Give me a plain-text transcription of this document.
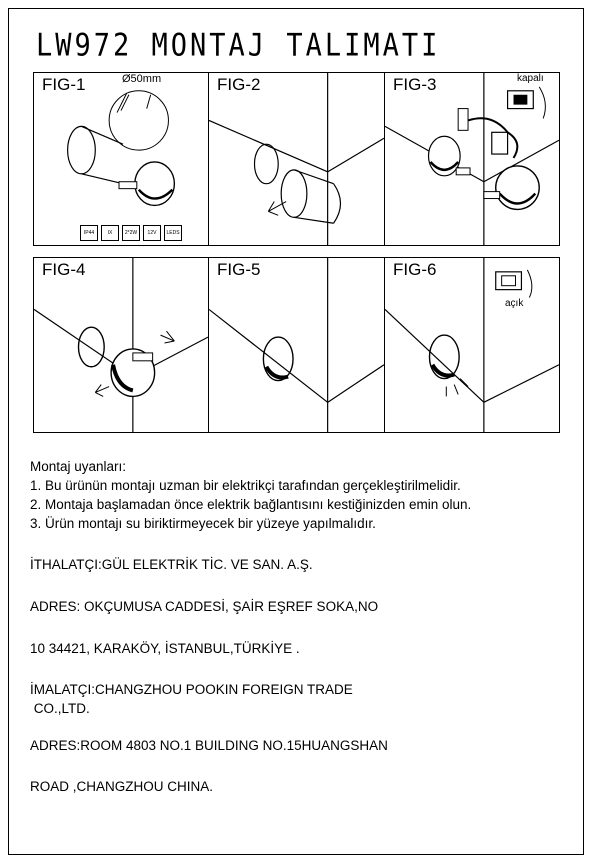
LW972 MONTAJ TALIMATI
FIG-1	Ø50mm
IP44	IX	2*2W	12V	LEDS
FIG-2	FIG-3	kapalı
FIG-4	FIG-5	FIG-6
açık
Montaj uyanları:
1. Bu ürünün montajı uzman bir elektrikçi tarafından gerçekleştirilmelidir.
2. Montaja başlamadan önce elektrik bağlantısını kestiğinizden emin olun.
3. Ürün montajı su biriktirmeyecek bir yüzeye yapılmalıdır.
İTHALATÇI:GÜL ELEKTRİK TİC. VE SAN. A.Ş.
ADRES: OKÇUMUSA CADDESİ, ŞAİR EŞREF SOKA,NO
10 34421, KARAKÖY, İSTANBUL,TÜRKİYE .
İMALATÇI:CHANGZHOU POOKIN FOREIGN TRADE
CO.,LTD.
ADRES:ROOM 4803 NO.1 BUILDING NO.15HUANGSHAN
ROAD ,CHANGZHOU CHINA.
